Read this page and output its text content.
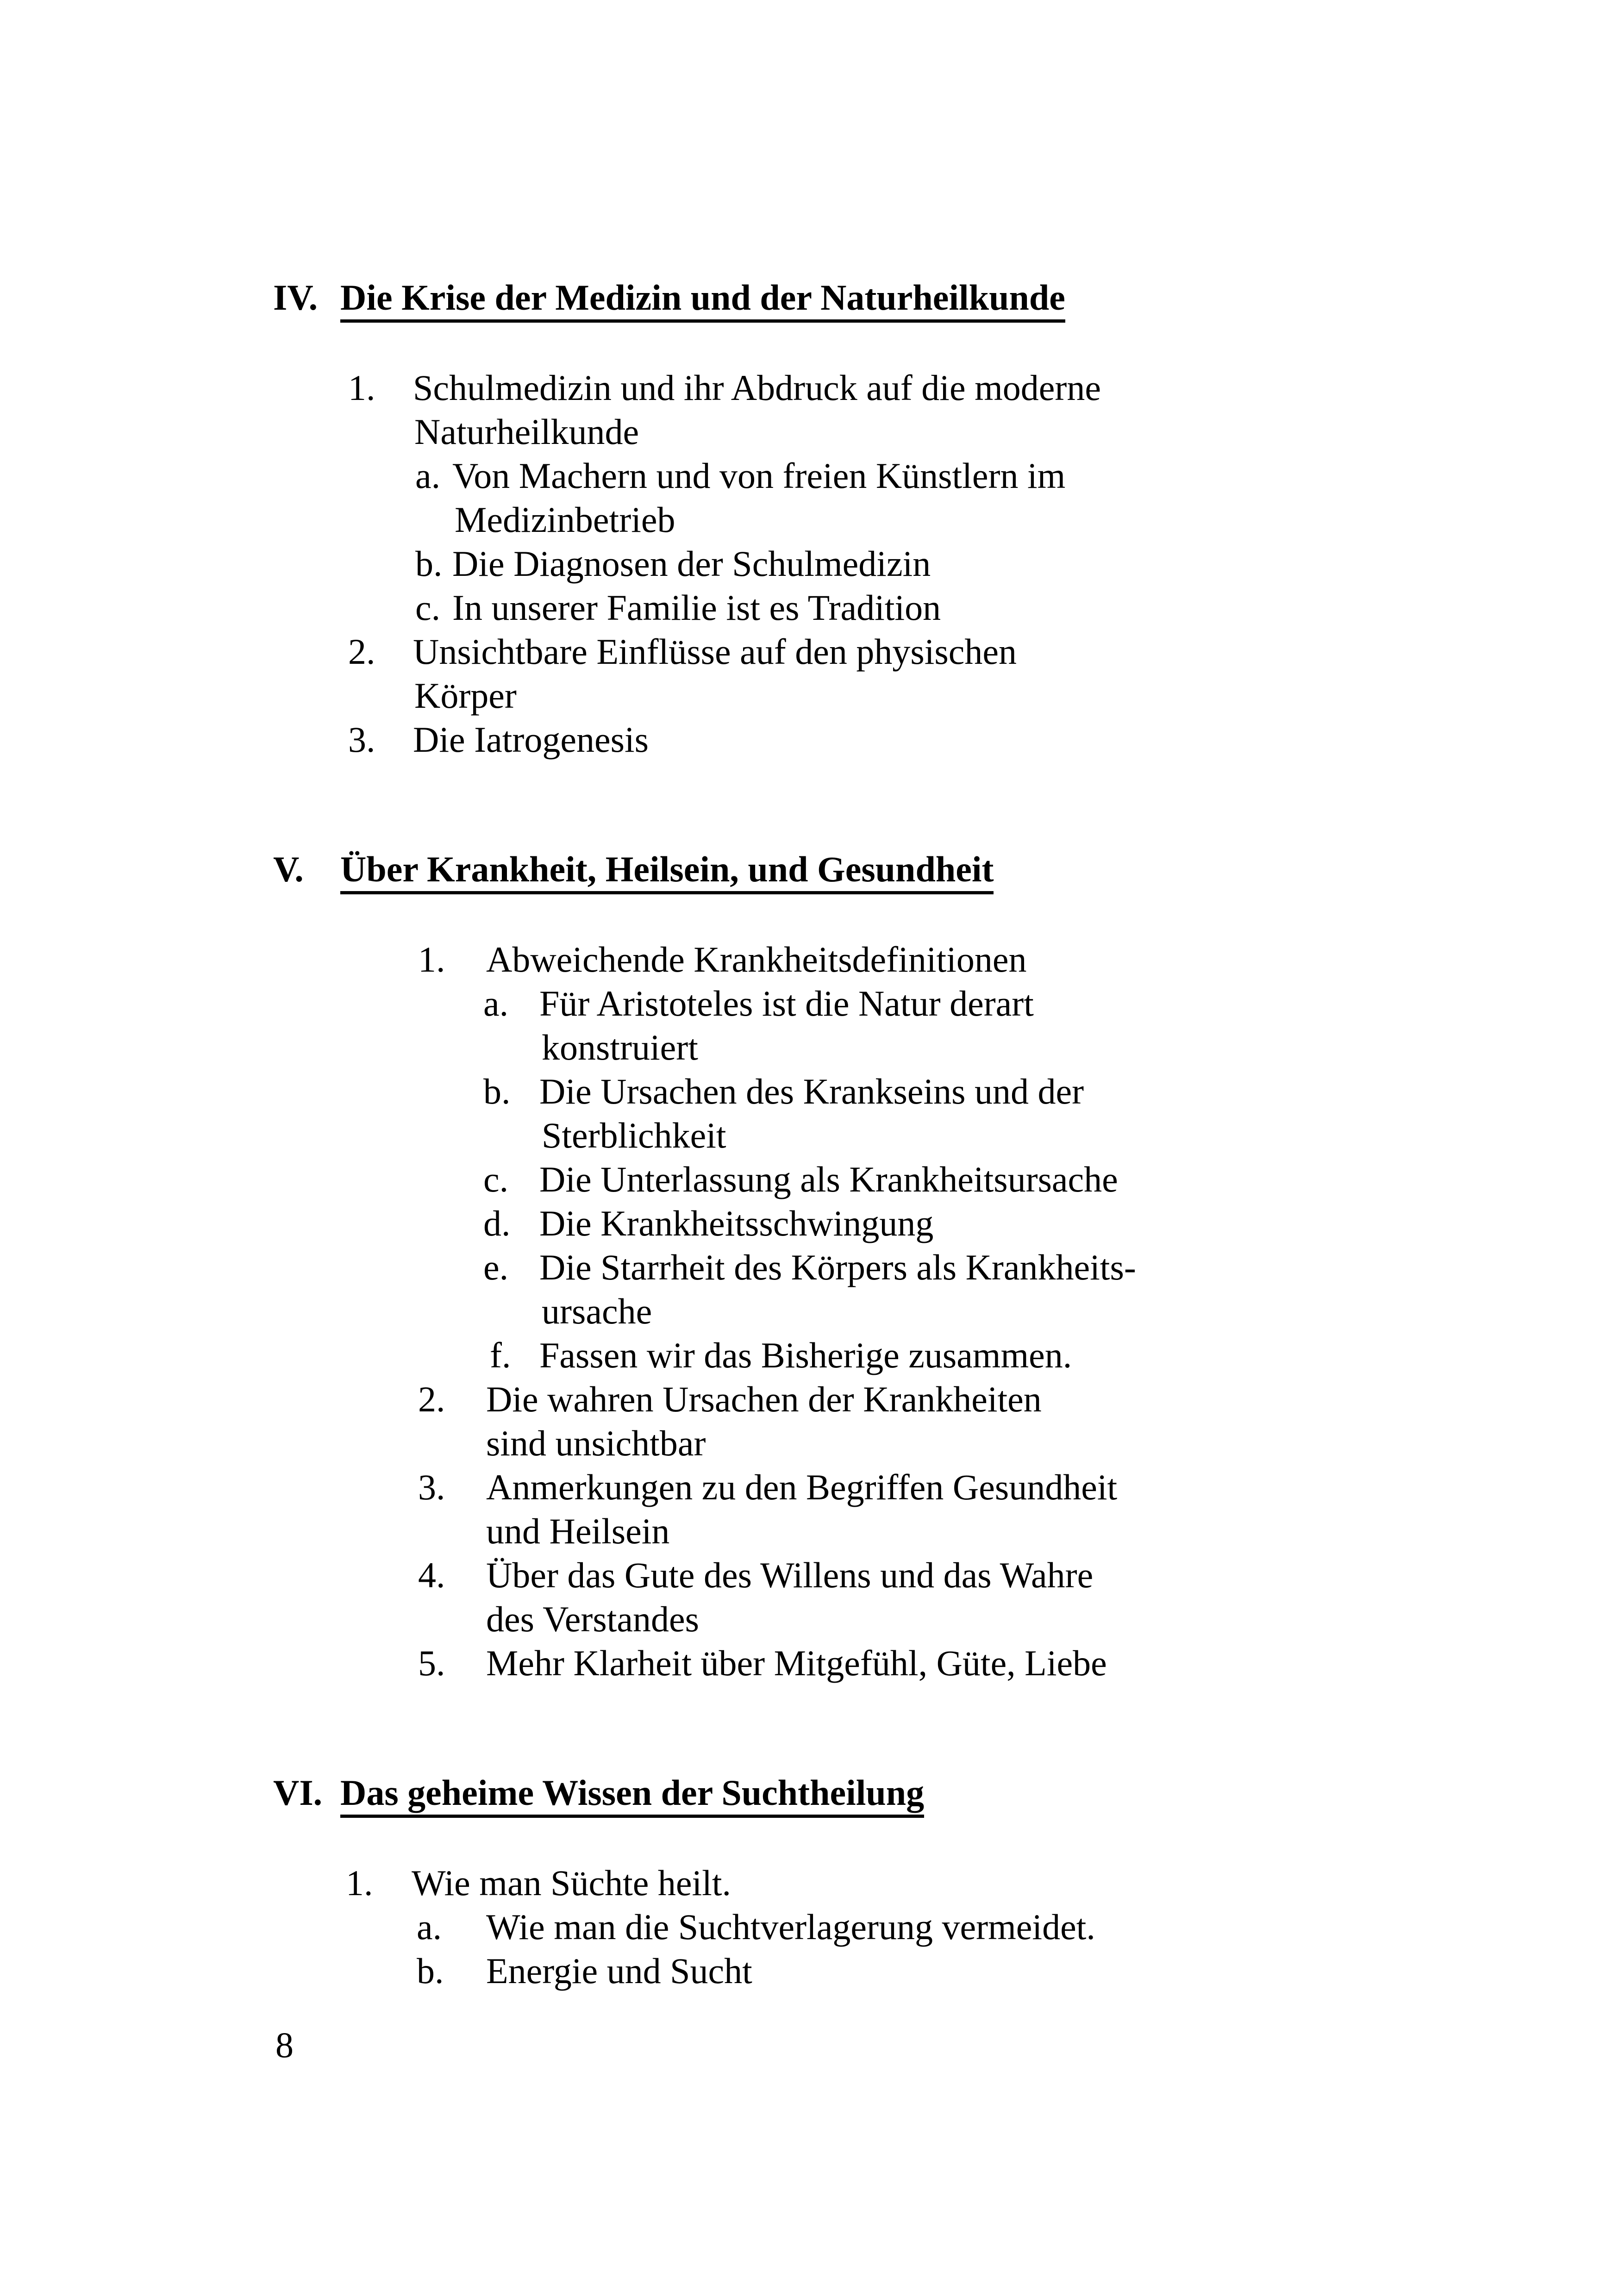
IV. Die Krise der Medizin und der Naturheilkunde
1. Schulmedizin und ihr Abdruck auf die moderne
Naturheilkunde
a. Von Machern und von freien Künstlern im
Medizinbetrieb
b. Die Diagnosen der Schulmedizin
c. In unserer Familie ist es Tradition
2. Unsichtbare Einflüsse auf den physischen
Körper
3. Die Iatrogenesis
V. Über Krankheit, Heilsein, und Gesundheit
1. Abweichende Krankheitsdefinitionen
a. Für Aristoteles ist die Natur derart
konstruiert
b. Die Ursachen des Krankseins und der
Sterblichkeit
c. Die Unterlassung als Krankheitsursache
d. Die Krankheitsschwingung
e. Die Starrheit des Körpers als Krankheits-
ursache
f. Fassen wir das Bisherige zusammen.
2. Die wahren Ursachen der Krankheiten
sind unsichtbar
3. Anmerkungen zu den Begriffen Gesundheit
und Heilsein
4. Über das Gute des Willens und das Wahre
des Verstandes
5. Mehr Klarheit über Mitgefühl, Güte, Liebe
VI. Das geheime Wissen der Suchtheilung
1. Wie man Süchte heilt.
a. Wie man die Suchtverlagerung vermeidet.
b. Energie und Sucht
8
